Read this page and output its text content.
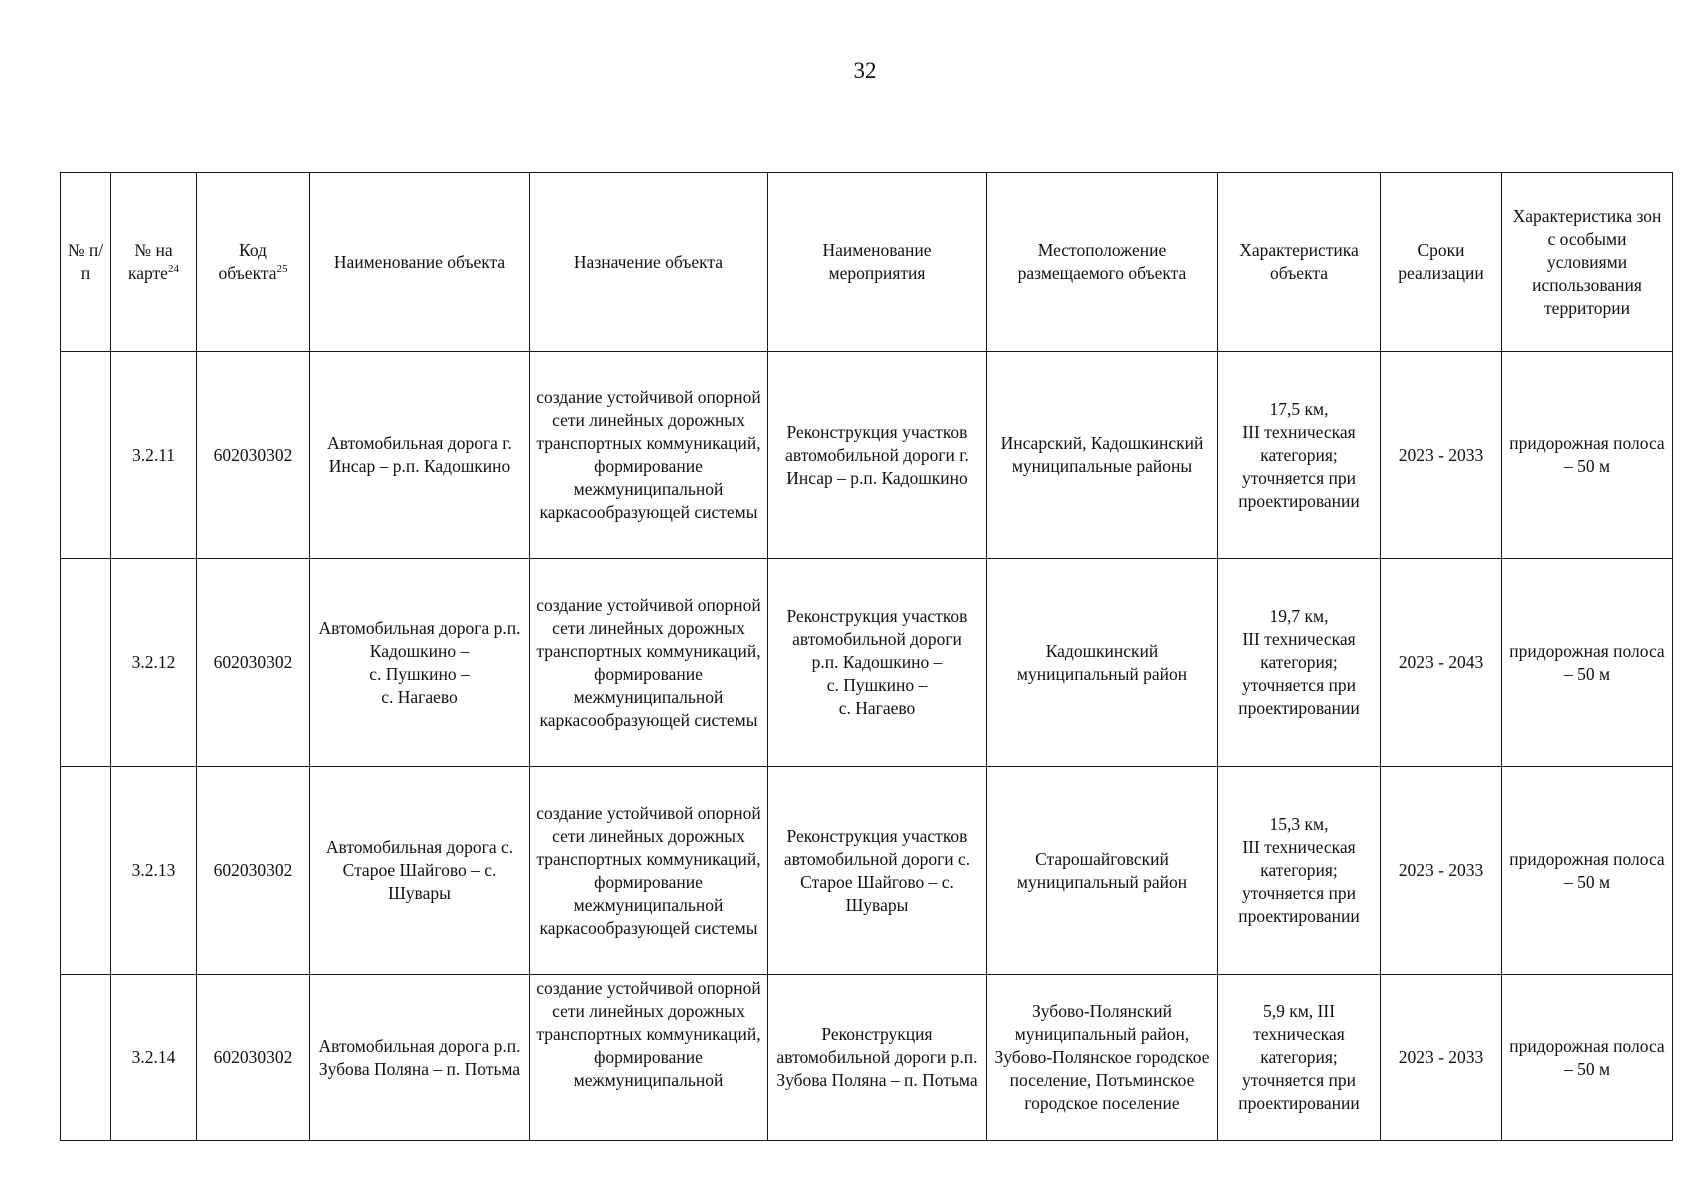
32
№ п/п	№ на карте$^{24}$	Код объекта$^{25}$	Наименование объекта	Назначение объекта	Наименование мероприятия	Местоположение размещаемого объекта	Характеристика объекта	Сроки реализации	Характеристика зон с особыми условиями использования территории
	3.2.11	602030302	Автомобильная дорога г. Инсар – р.п. Кадошкино	создание устойчивой опорной сети линейных дорожных транспортных коммуникаций, формирование межмуниципальной каркасообразующей системы	Реконструкция участков автомобильной дороги г. Инсар – р.п. Кадошкино	Инсарский, Кадошкинский муниципальные районы	17,5 км,
III техническая категория;
уточняется при проектировании	2023 - 2033	придорожная полоса – 50 м
	3.2.12	602030302	Автомобильная дорога р.п.
Кадошкино –
с. Пушкино –
с. Нагаево	создание устойчивой опорной сети линейных дорожных транспортных коммуникаций, формирование межмуниципальной каркасообразующей системы	Реконструкция участков автомобильной дороги
р.п. Кадошкино –
с. Пушкино –
с. Нагаево	Кадошкинский муниципальный район	19,7 км,
III техническая категория;
уточняется при проектировании	2023 - 2043	придорожная полоса – 50 м
	3.2.13	602030302	Автомобильная дорога с. Старое Шайгово – с. Шувары	создание устойчивой опорной сети линейных дорожных транспортных коммуникаций, формирование межмуниципальной каркасообразующей системы	Реконструкция участков автомобильной дороги с. Старое Шайгово – с. Шувары	Старошайговский муниципальный район	15,3 км,
III техническая категория;
уточняется при проектировании	2023 - 2033	придорожная полоса – 50 м
	3.2.14	602030302	Автомобильная дорога р.п. Зубова Поляна – п. Потьма	создание устойчивой опорной сети линейных дорожных транспортных коммуникаций, формирование межмуниципальной	Реконструкция автомобильной дороги р.п. Зубова Поляна – п. Потьма	Зубово-Полянский муниципальный район, Зубово-Полянское городское поселение, Потьминское городское поселение	5,9 км, III техническая категория; уточняется при проектировании	2023 - 2033	придорожная полоса – 50 м
